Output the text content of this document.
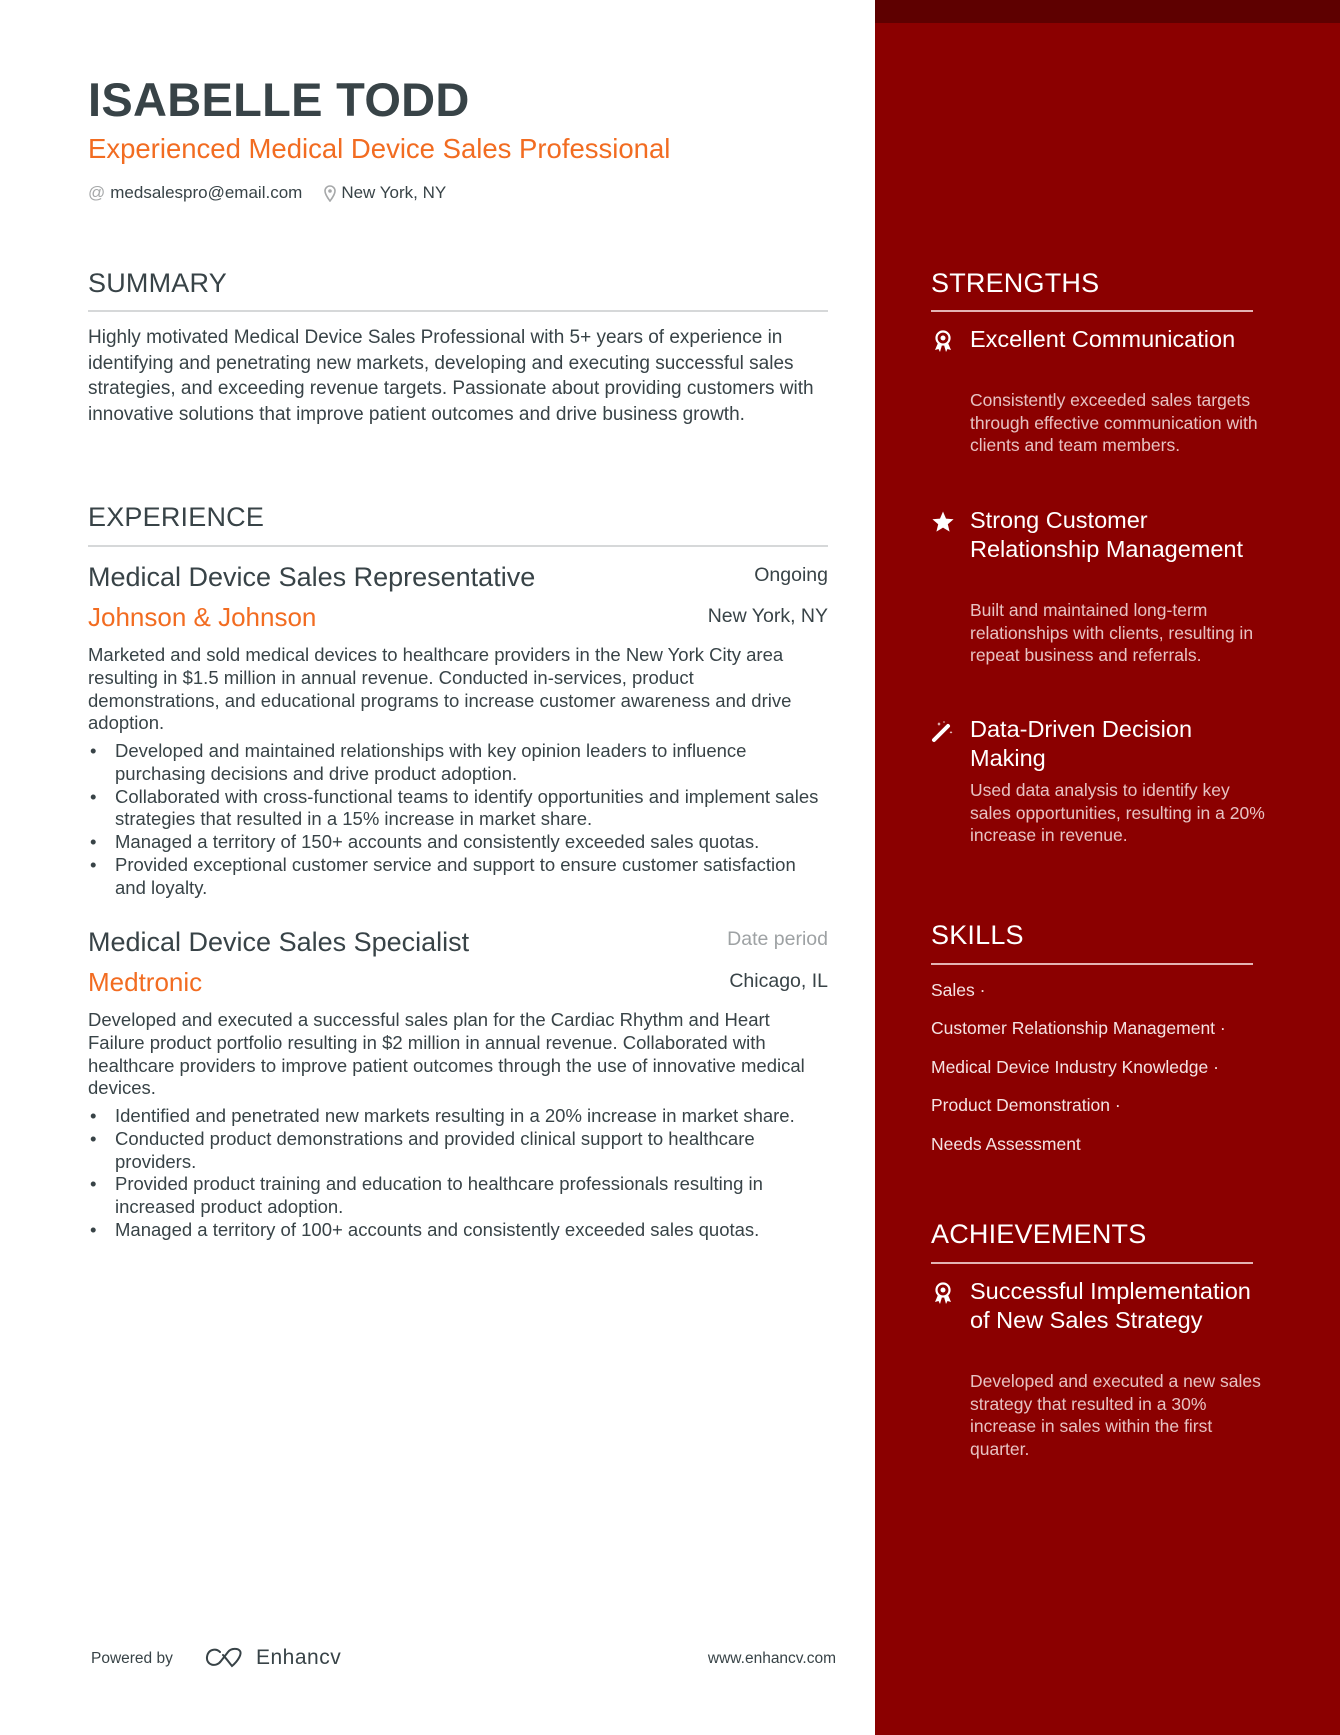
ISABELLE TODD
Experienced Medical Device Sales Professional
@ medsalespro@email.com New York, NY
SUMMARY
Highly motivated Medical Device Sales Professional with 5+ years of experience in identifying and penetrating new markets, developing and executing successful sales strategies, and exceeding revenue targets. Passionate about providing customers with innovative solutions that improve patient outcomes and drive business growth.
EXPERIENCE
Medical Device Sales Representative	Ongoing
Johnson & Johnson	New York, NY
Marketed and sold medical devices to healthcare providers in the New York City area resulting in $1.5 million in annual revenue. Conducted in-services, product demonstrations, and educational programs to increase customer awareness and drive adoption.
• Developed and maintained relationships with key opinion leaders to influence purchasing decisions and drive product adoption.
• Collaborated with cross-functional teams to identify opportunities and implement sales strategies that resulted in a 15% increase in market share.
• Managed a territory of 150+ accounts and consistently exceeded sales quotas.
• Provided exceptional customer service and support to ensure customer satisfaction and loyalty.
Medical Device Sales Specialist	Date period
Medtronic	Chicago, IL
Developed and executed a successful sales plan for the Cardiac Rhythm and Heart Failure product portfolio resulting in $2 million in annual revenue. Collaborated with healthcare providers to improve patient outcomes through the use of innovative medical devices.
• Identified and penetrated new markets resulting in a 20% increase in market share.
• Conducted product demonstrations and provided clinical support to healthcare providers.
• Provided product training and education to healthcare professionals resulting in increased product adoption.
• Managed a territory of 100+ accounts and consistently exceeded sales quotas.
Powered by	Enhancv	www.enhancv.com
STRENGTHS
Excellent Communication
Consistently exceeded sales targets through effective communication with clients and team members.
Strong Customer Relationship Management
Built and maintained long-term relationships with clients, resulting in repeat business and referrals.
Data-Driven Decision Making
Used data analysis to identify key sales opportunities, resulting in a 20% increase in revenue.
SKILLS
Sales ·
Customer Relationship Management ·
Medical Device Industry Knowledge ·
Product Demonstration ·
Needs Assessment
ACHIEVEMENTS
Successful Implementation of New Sales Strategy
Developed and executed a new sales strategy that resulted in a 30% increase in sales within the first quarter.
